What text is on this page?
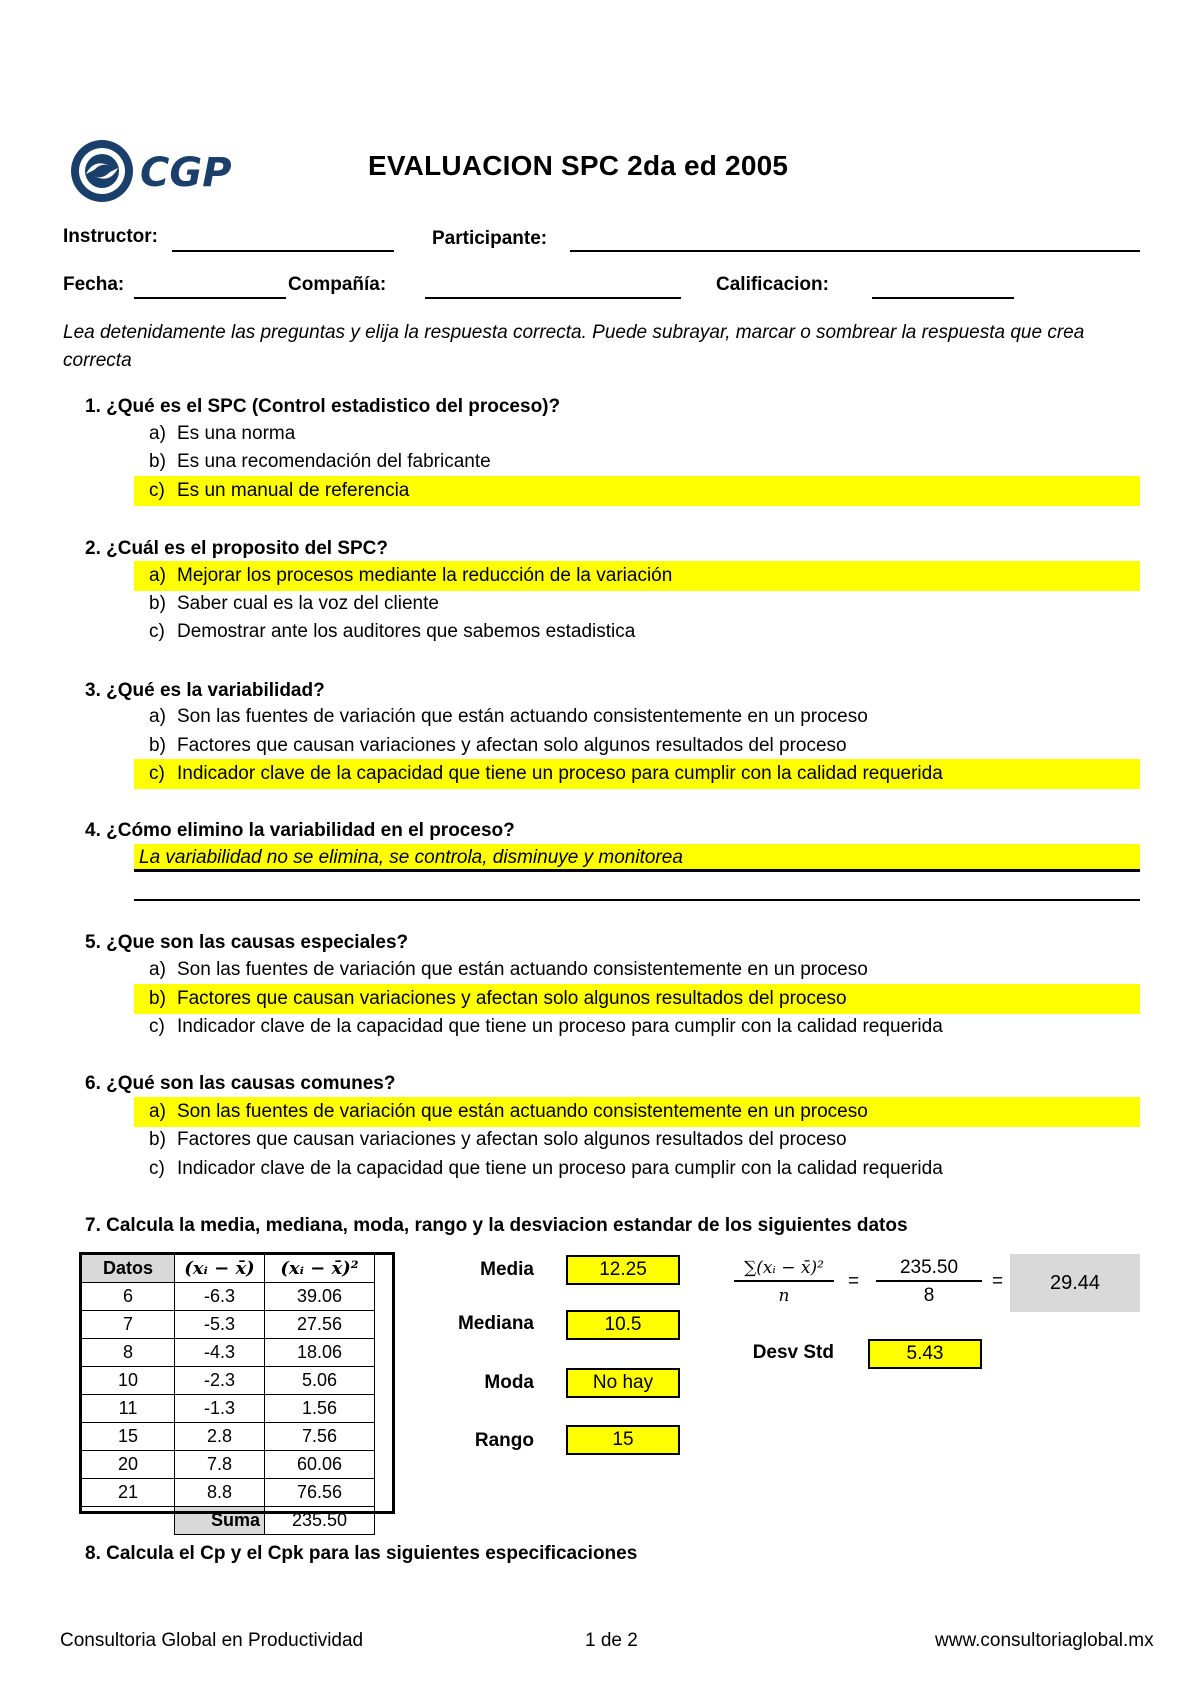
CGP	EVALUACION SPC 2da ed 2005
Instructor:	Participante:
Fecha:	Compañía:	Calificacion:
Lea detenidamente las preguntas y elija la respuesta correcta. Puede subrayar, marcar o sombrear la respuesta que crea correcta
1. ¿Qué es el SPC (Control estadistico del proceso)?
a) Es una norma
b) Es una recomendación del fabricante
c) Es un manual de referencia
2. ¿Cuál es el proposito del SPC?
a) Mejorar los procesos mediante la reducción de la variación
b) Saber cual es la voz del cliente
c) Demostrar ante los auditores que sabemos estadistica
3. ¿Qué es la variabilidad?
a) Son las fuentes de variación que están actuando consistentemente en un proceso
b) Factores que causan variaciones y afectan solo algunos resultados del proceso
c) Indicador clave de la capacidad que tiene un proceso para cumplir con la calidad requerida
4. ¿Cómo elimino la variabilidad en el proceso?
La variabilidad no se elimina, se controla, disminuye y monitorea
5. ¿Que son las causas especiales?
a) Son las fuentes de variación que están actuando consistentemente en un proceso
b) Factores que causan variaciones y afectan solo algunos resultados del proceso
c) Indicador clave de la capacidad que tiene un proceso para cumplir con la calidad requerida
6. ¿Qué son las causas comunes?
a) Son las fuentes de variación que están actuando consistentemente en un proceso
b) Factores que causan variaciones y afectan solo algunos resultados del proceso
c) Indicador clave de la capacidad que tiene un proceso para cumplir con la calidad requerida
7. Calcula la media, mediana, moda, rango y la desviacion estandar de los siguientes datos
Datos	(xᵢ − x̄)	(xᵢ − x̄)²
6	-6.3	39.06
7	-5.3	27.56
8	-4.3	18.06
10	-2.3	5.06
11	-1.3	1.56
15	2.8	7.56
20	7.8	60.06
21	8.8	76.56
	Suma	235.50
Media	12.25
Mediana	10.5
Moda	No hay
Rango	15
$\frac{\text{∑(xᵢ − x̄)²}}{n} = \frac{235.50}{8}$ =	29.44
Desv Std	5.43
8. Calcula el Cp y el Cpk para las siguientes especificaciones
Consultoria Global en Productividad	1 de 2	www.consultoriaglobal.mx
